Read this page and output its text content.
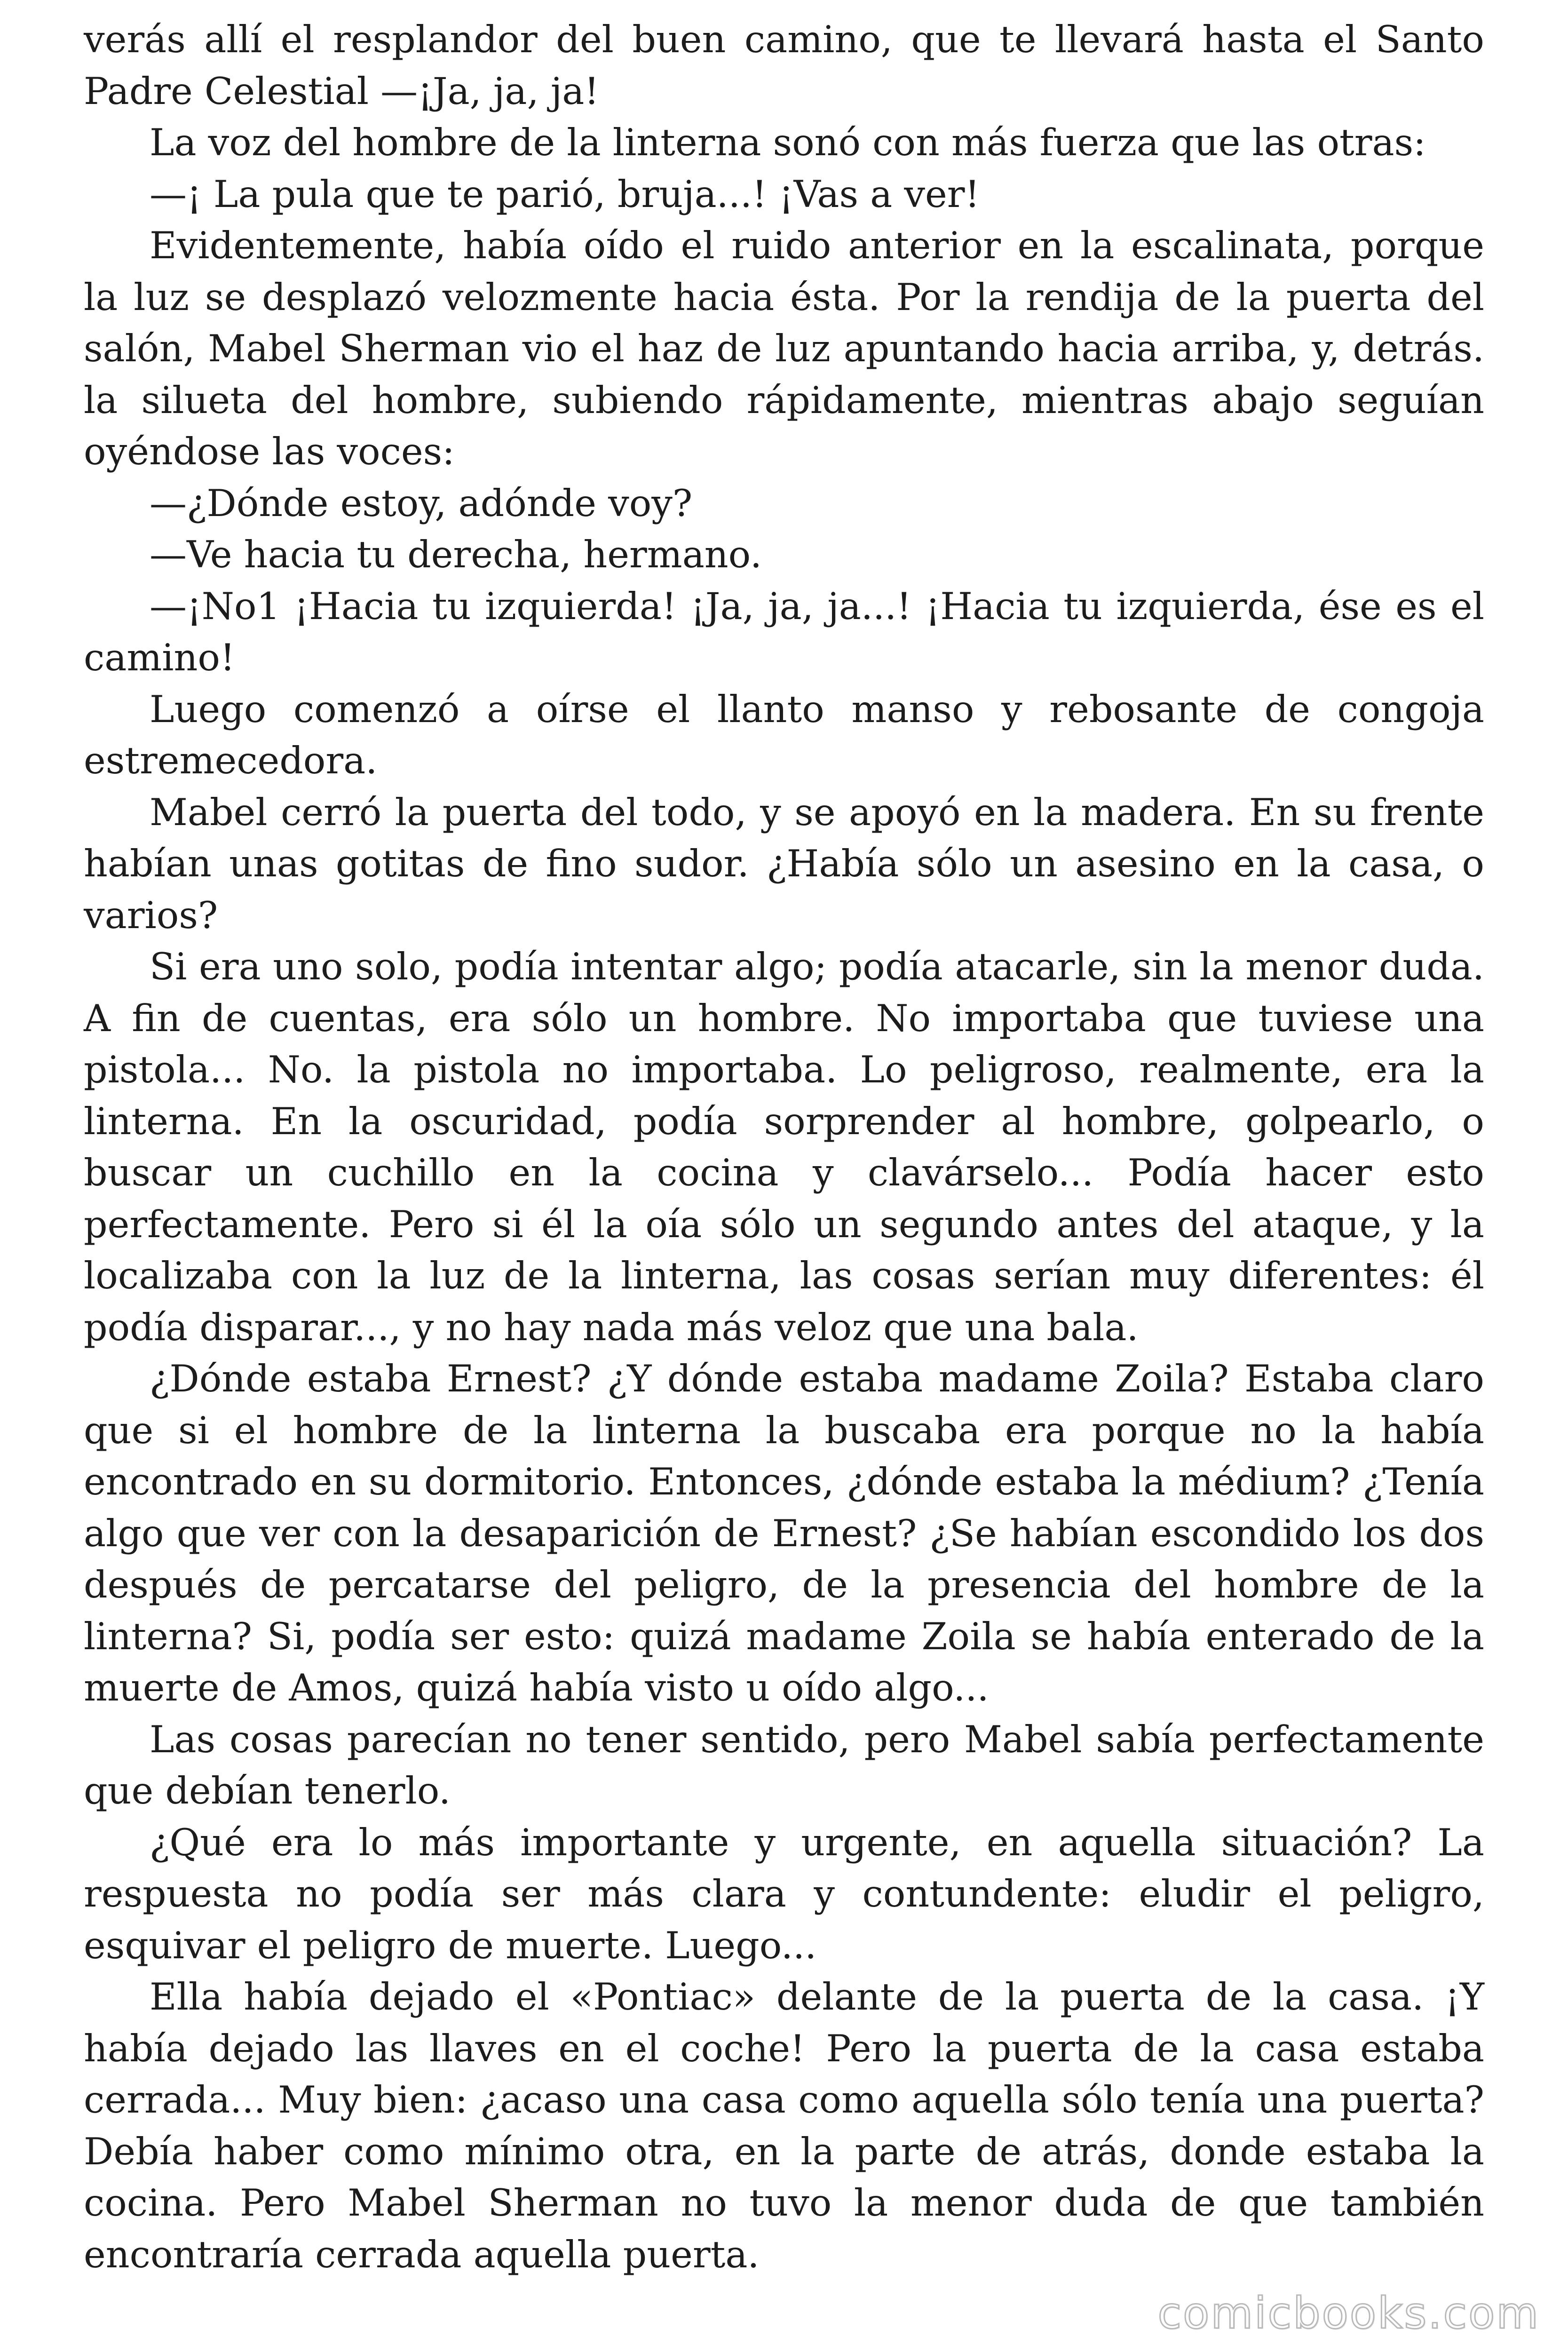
verás allí el resplandor del buen camino, que te llevará hasta el Santo Padre Celestial —¡Ja, ja, ja!

La voz del hombre de la linterna sonó con más fuerza que las otras:

—¡ La pula que te parió, bruja...! ¡Vas a ver!

Evidentemente, había oído el ruido anterior en la escalinata, porque la luz se desplazó velozmente hacia ésta. Por la rendija de la puerta del salón, Mabel Sherman vio el haz de luz apuntando hacia arriba, y, detrás. la silueta del hombre, subiendo rápidamente, mientras abajo seguían oyéndose las voces:

—¿Dónde estoy, adónde voy?

—Ve hacia tu derecha, hermano.

—¡No1 ¡Hacia tu izquierda! ¡Ja, ja, ja...! ¡Hacia tu izquierda, ése es el camino!

Luego comenzó a oírse el llanto manso y rebosante de congoja estremecedora.

Mabel cerró la puerta del todo, y se apoyó en la madera. En su frente habían unas gotitas de fino sudor. ¿Había sólo un asesino en la casa, o varios?

Si era uno solo, podía intentar algo; podía atacarle, sin la menor duda. A fin de cuentas, era sólo un hombre. No importaba que tuviese una pistola... No. la pistola no importaba. Lo peligroso, realmente, era la linterna. En la oscuridad, podía sorprender al hombre, golpearlo, o buscar un cuchillo en la cocina y clavárselo... Podía hacer esto perfectamente. Pero si él la oía sólo un segundo antes del ataque, y la localizaba con la luz de la linterna, las cosas serían muy diferentes: él podía disparar..., y no hay nada más veloz que una bala.

¿Dónde estaba Ernest? ¿Y dónde estaba madame Zoila? Estaba claro que si el hombre de la linterna la buscaba era porque no la había encontrado en su dormitorio. Entonces, ¿dónde estaba la médium? ¿Tenía algo que ver con la desaparición de Ernest? ¿Se habían escondido los dos después de percatarse del peligro, de la presencia del hombre de la linterna? Si, podía ser esto: quizá madame Zoila se había enterado de la muerte de Amos, quizá había visto u oído algo...

Las cosas parecían no tener sentido, pero Mabel sabía perfectamente que debían tenerlo.

¿Qué era lo más importante y urgente, en aquella situación? La respuesta no podía ser más clara y contundente: eludir el peligro, esquivar el peligro de muerte. Luego...

Ella había dejado el «Pontiac» delante de la puerta de la casa. ¡Y había dejado las llaves en el coche! Pero la puerta de la casa estaba cerrada... Muy bien: ¿acaso una casa como aquella sólo tenía una puerta? Debía haber como mínimo otra, en la parte de atrás, donde estaba la cocina. Pero Mabel Sherman no tuvo la menor duda de que también encontraría cerrada aquella puerta.

comicbooks.com
